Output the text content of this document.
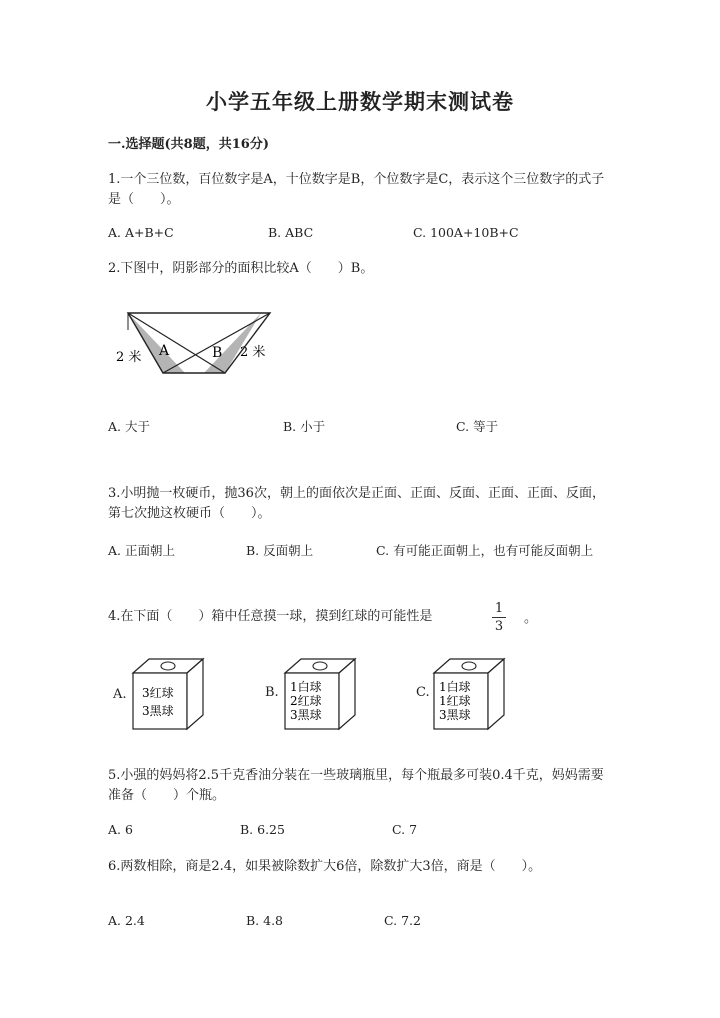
小学五年级上册数学期末测试卷
一.选择题(共8题，共16分)
1.一个三位数，百位数字是A，十位数字是B，个位数字是C，表示这个三位数字的式子是（　　）。
A. A+B+C	B. ABC	C. 100A+10B+C
2.下图中，阴影部分的面积比较A（　　）B。
A	B
2 米	2 米
A. 大于	B. 小于	C. 等于
3.小明抛一枚硬币，抛36次，朝上的面依次是正面、正面、反面、正面、正面、反面，第七次抛这枚硬币（　　）。
A. 正面朝上	B. 反面朝上	C. 有可能正面朝上，也有可能反面朝上
4.在下面（　　）箱中任意摸一球，摸到红球的可能性是
1
3
。
A. 3红球
3黑球
B. 1白球
2红球
3黑球
C. 1白球
1红球
3黑球
5.小强的妈妈将2.5千克香油分装在一些玻璃瓶里，每个瓶最多可装0.4千克，妈妈需要准备（　　）个瓶。
A. 6	B. 6.25	C. 7
6.两数相除，商是2.4，如果被除数扩大6倍，除数扩大3倍，商是（　　）。
A. 2.4	B. 4.8	C. 7.2
